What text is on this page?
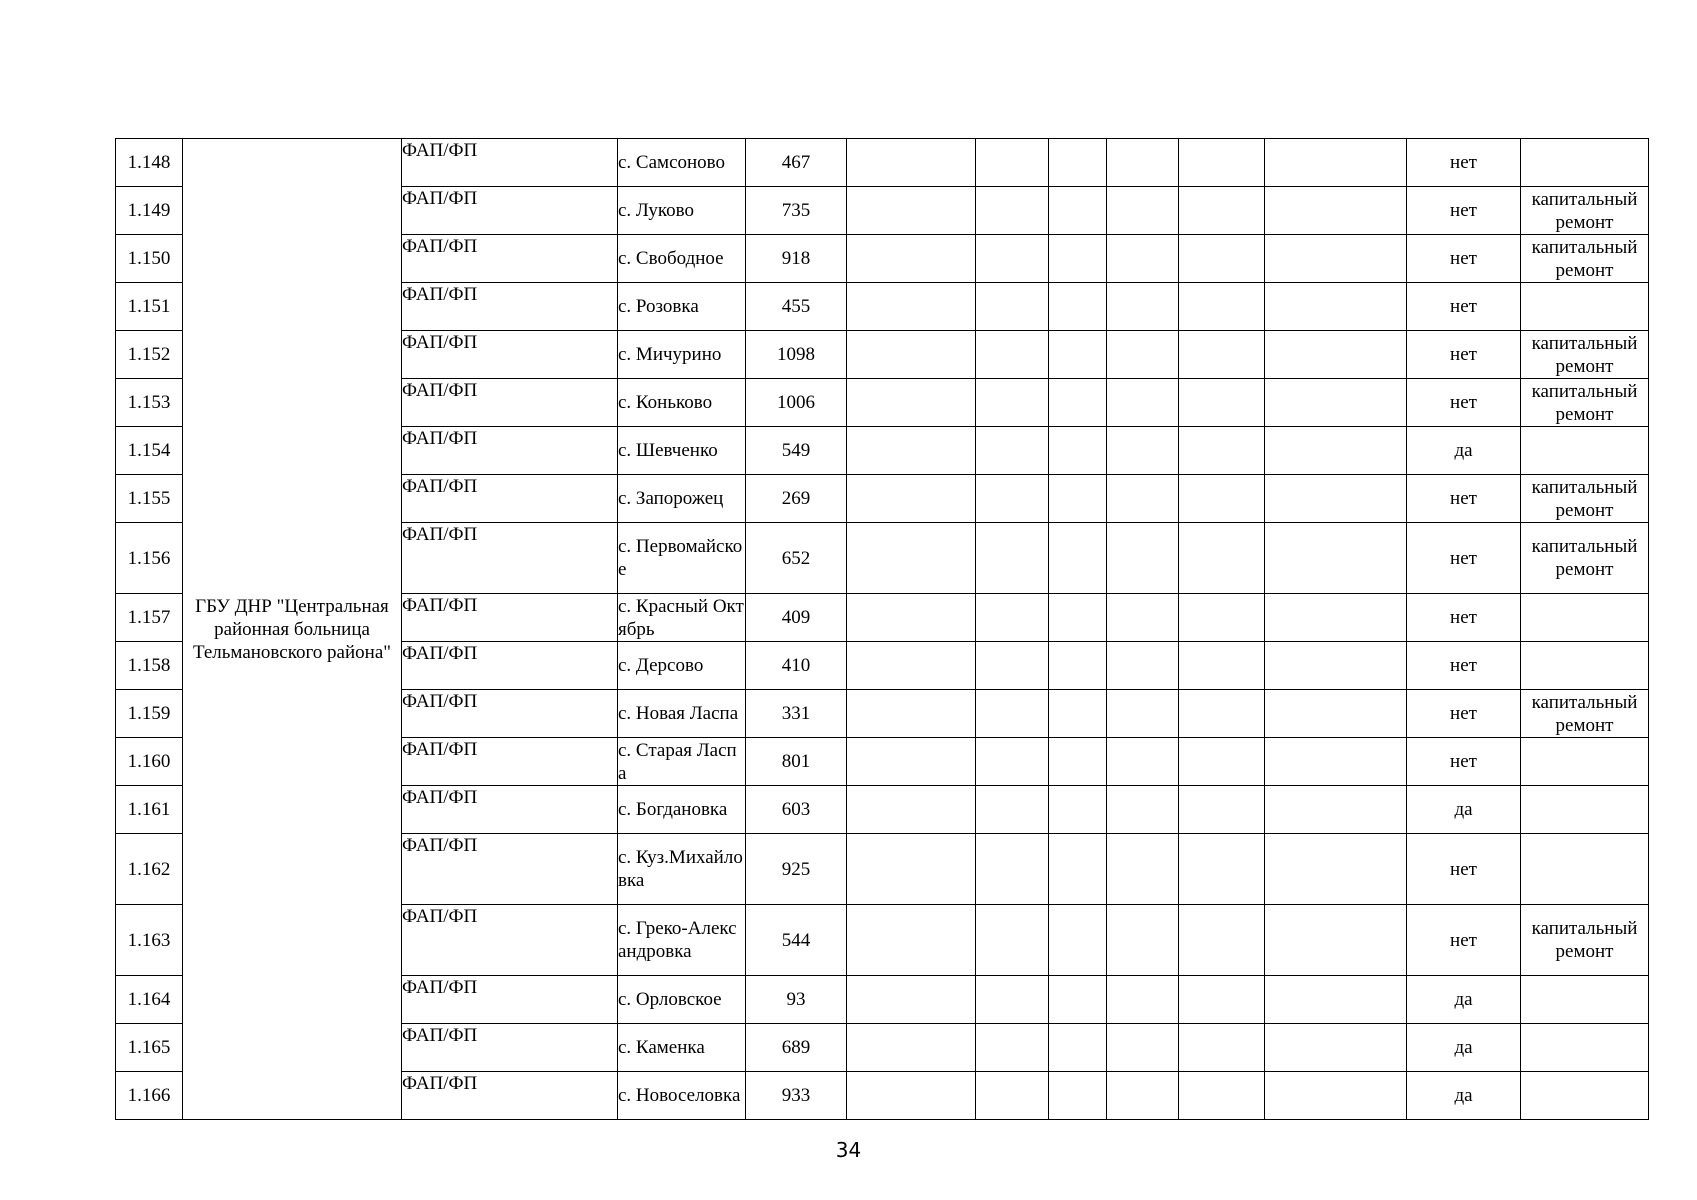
1.148	ГБУ ДНР "Центральная районная больница Тельмановского района"	ФАП/ФП	с. Самсоново	467							нет	
1.149		ФАП/ФП	с. Луково	735							нет	капитальный ремонт
1.150		ФАП/ФП	с. Свободное	918							нет	капитальный ремонт
1.151		ФАП/ФП	с. Розовка	455							нет	
1.152		ФАП/ФП	с. Мичурино	1098							нет	капитальный ремонт
1.153		ФАП/ФП	с. Коньково	1006							нет	капитальный ремонт
1.154		ФАП/ФП	с. Шевченко	549							да	
1.155		ФАП/ФП	с. Запорожец	269							нет	капитальный ремонт
1.156		ФАП/ФП	с. Первомайское	652							нет	капитальный ремонт
1.157		ФАП/ФП	с. Красный Октябрь	409							нет	
1.158		ФАП/ФП	с. Дерсово	410							нет	
1.159		ФАП/ФП	с. Новая Ласпа	331							нет	капитальный ремонт
1.160		ФАП/ФП	с. Старая Ласпа	801							нет	
1.161		ФАП/ФП	с. Богдановка	603							да	
1.162		ФАП/ФП	с. Куз.Михайловка	925							нет	
1.163		ФАП/ФП	с. Греко-Александровка	544							нет	капитальный ремонт
1.164		ФАП/ФП	с. Орловское	93							да	
1.165		ФАП/ФП	с. Каменка	689							да	
1.166		ФАП/ФП	с. Новоселовка	933							да	
34
